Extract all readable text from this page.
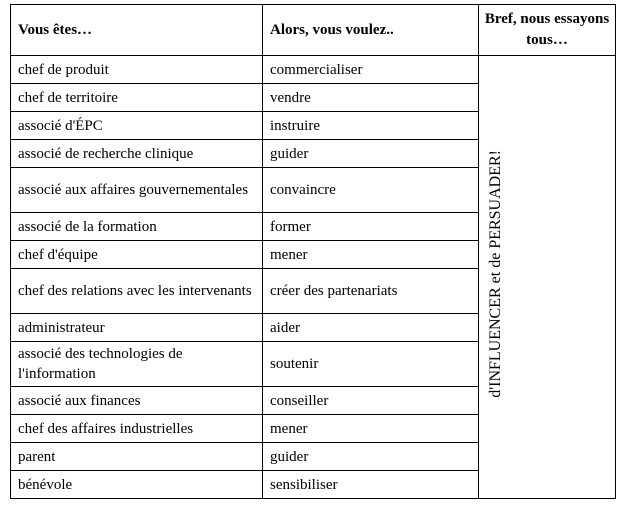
Vous êtes…	Alors, vous voulez..	Bref, nous essayons tous…
chef de produit	commercialiser	d'INFLUENCER et de PERSUADER!
chef de territoire	vendre	
associé d'ÉPC	instruire	
associé de recherche clinique	guider	
associé aux affaires gouvernementales	convaincre	
associé de la formation	former	
chef d'équipe	mener	
chef des relations avec les intervenants	créer des partenariats	
administrateur	aider	
associé des technologies de l'information	soutenir	
associé aux finances	conseiller	
chef des affaires industrielles	mener	
parent	guider	
bénévole	sensibiliser	
